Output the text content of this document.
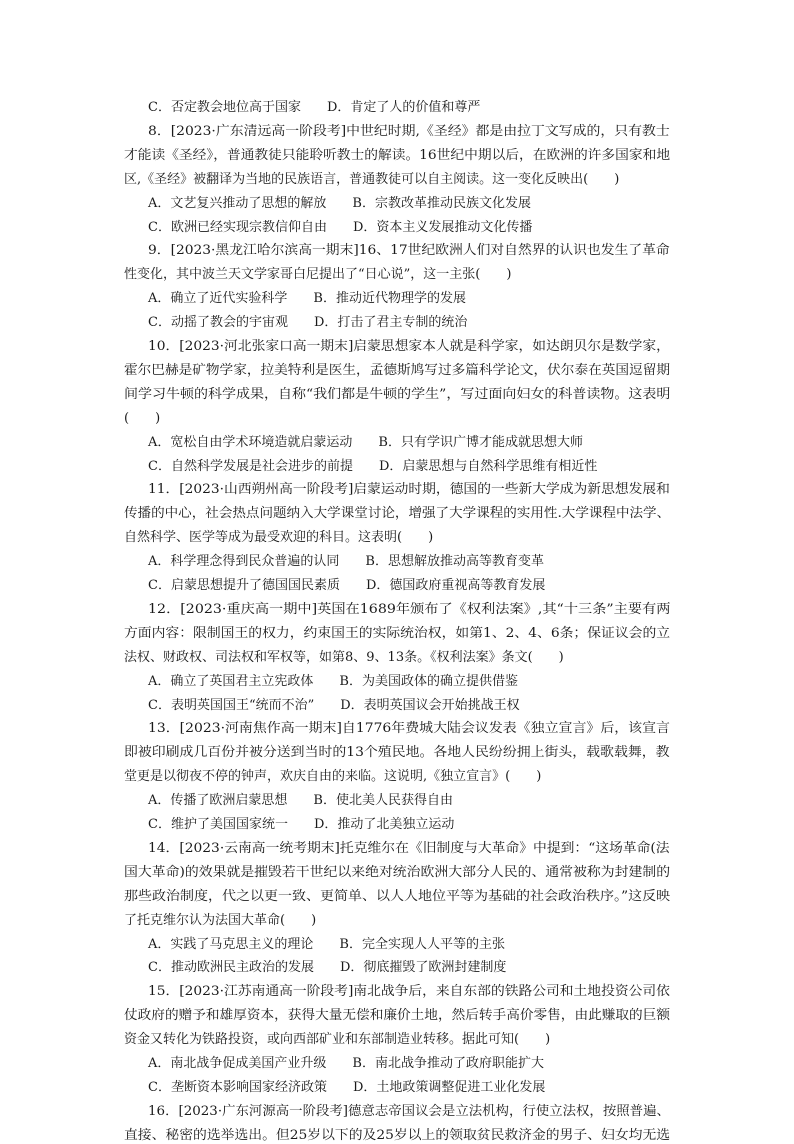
C．否定教会地位高于国家　　D．肯定了人的价值和尊严
8．[2023·广东清远高一阶段考]中世纪时期,《圣经》都是由拉丁文写成的，只有教士
才能读《圣经》，普通教徒只能聆听教士的解读。16世纪中期以后，在欧洲的许多国家和地
区,《圣经》被翻译为当地的民族语言，普通教徒可以自主阅读。这一变化反映出(　　)
A．文艺复兴推动了思想的解放　　B．宗教改革推动民族文化发展
C．欧洲已经实现宗教信仰自由　　D．资本主义发展推动文化传播
9．[2023·黑龙江哈尔滨高一期末]16、17世纪欧洲人们对自然界的认识也发生了革命
性变化，其中波兰天文学家哥白尼提出了“日心说”，这一主张(　　)
A．确立了近代实验科学　　B．推动近代物理学的发展
C．动摇了教会的宇宙观　　D．打击了君主专制的统治
10．[2023·河北张家口高一期末]启蒙思想家本人就是科学家，如达朗贝尔是数学家，
霍尔巴赫是矿物学家，拉美特利是医生，孟德斯鸠写过多篇科学论文，伏尔泰在英国逗留期
间学习牛顿的科学成果，自称“我们都是牛顿的学生”，写过面向妇女的科普读物。这表明
(　　)
A．宽松自由学术环境造就启蒙运动　　B．只有学识广博才能成就思想大师
C．自然科学发展是社会进步的前提　　D．启蒙思想与自然科学思维有相近性
11．[2023·山西朔州高一阶段考]启蒙运动时期，德国的一些新大学成为新思想发展和
传播的中心，社会热点问题纳入大学课堂讨论，增强了大学课程的实用性.大学课程中法学、
自然科学、医学等成为最受欢迎的科目。这表明(　　)
A．科学理念得到民众普遍的认同　　B．思想解放推动高等教育变革
C．启蒙思想提升了德国国民素质　　D．德国政府重视高等教育发展
12．[2023·重庆高一期中]英国在1689年颁布了《权利法案》,其“十三条”主要有两
方面内容：限制国王的权力，约束国王的实际统治权，如第1、2、4、6条；保证议会的立
法权、财政权、司法权和军权等，如第8、9、13条。《权利法案》条文(　　)
A．确立了英国君主立宪政体　　B．为美国政体的确立提供借鉴
C．表明英国国王“统而不治”　　D．表明英国议会开始挑战王权
13．[2023·河南焦作高一期末]自1776年费城大陆会议发表《独立宣言》后，该宣言
即被印刷成几百份并被分送到当时的13个殖民地。各地人民纷纷拥上街头，载歌载舞，教
堂更是以彻夜不停的钟声，欢庆自由的来临。这说明,《独立宣言》(　　)
A．传播了欧洲启蒙思想　　B．使北美人民获得自由
C．维护了美国国家统一　　D．推动了北美独立运动
14．[2023·云南高一统考期末]托克维尔在《旧制度与大革命》中提到：“这场革命(法
国大革命)的效果就是摧毁若干世纪以来绝对统治欧洲大部分人民的、通常被称为封建制的
那些政治制度，代之以更一致、更简单、以人人地位平等为基础的社会政治秩序。”这反映
了托克维尔认为法国大革命(　　)
A．实践了马克思主义的理论　　B．完全实现人人平等的主张
C．推动欧洲民主政治的发展　　D．彻底摧毁了欧洲封建制度
15．[2023·江苏南通高一阶段考]南北战争后，来自东部的铁路公司和土地投资公司依
仗政府的赠予和雄厚资本，获得大量无偿和廉价土地，然后转手高价零售，由此赚取的巨额
资金又转化为铁路投资，或向西部矿业和东部制造业转移。据此可知(　　)
A．南北战争促成美国产业升级　　B．南北战争推动了政府职能扩大
C．垄断资本影响国家经济政策　　D．土地政策调整促进工业化发展
16．[2023·广东河源高一阶段考]德意志帝国议会是立法机构，行使立法权，按照普遍、
直接、秘密的选举选出。但25岁以下的及25岁以上的领取贫民救济金的男子、妇女均无选
